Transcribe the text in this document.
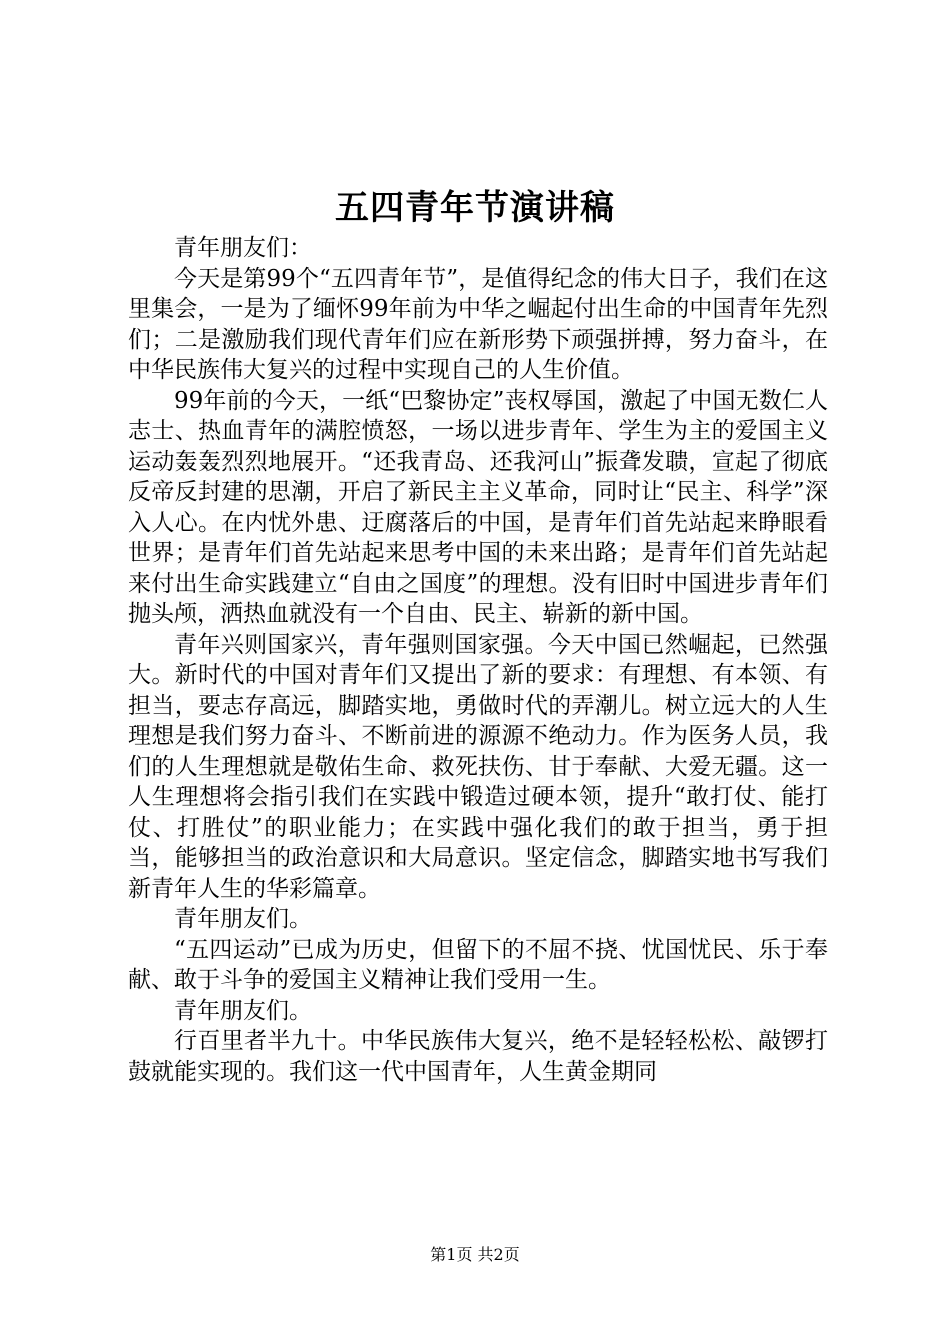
五四青年节演讲稿

青年朋友们：

今天是第99个“五四青年节”，是值得纪念的伟大日子，我们在这里集会，一是为了缅怀99年前为中华之崛起付出生命的中国青年先烈们；二是激励我们现代青年们应在新形势下顽强拼搏，努力奋斗，在中华民族伟大复兴的过程中实现自己的人生价值。

99年前的今天，一纸“巴黎协定”丧权辱国，激起了中国无数仁人志士、热血青年的满腔愤怒，一场以进步青年、学生为主的爱国主义运动轰轰烈烈地展开。“还我青岛、还我河山”振聋发聩，宣起了彻底反帝反封建的思潮，开启了新民主主义革命，同时让“民主、科学”深入人心。在内忧外患、迂腐落后的中国，是青年们首先站起来睁眼看世界；是青年们首先站起来思考中国的未来出路；是青年们首先站起来付出生命实践建立“自由之国度”的理想。没有旧时中国进步青年们抛头颅，洒热血就没有一个自由、民主、崭新的新中国。

青年兴则国家兴，青年强则国家强。今天中国已然崛起，已然强大。新时代的中国对青年们又提出了新的要求：有理想、有本领、有担当，要志存高远，脚踏实地，勇做时代的弄潮儿。树立远大的人生理想是我们努力奋斗、不断前进的源源不绝动力。作为医务人员，我们的人生理想就是敬佑生命、救死扶伤、甘于奉献、大爱无疆。这一人生理想将会指引我们在实践中锻造过硬本领，提升“敢打仗、能打仗、打胜仗”的职业能力；在实践中强化我们的敢于担当，勇于担当，能够担当的政治意识和大局意识。坚定信念，脚踏实地书写我们新青年人生的华彩篇章。

青年朋友们。

“五四运动”已成为历史，但留下的不屈不挠、忧国忧民、乐于奉献、敢于斗争的爱国主义精神让我们受用一生。

青年朋友们。

行百里者半九十。中华民族伟大复兴，绝不是轻轻松松、敲锣打鼓就能实现的。我们这一代中国青年，人生黄金期同

第1页 共2页
